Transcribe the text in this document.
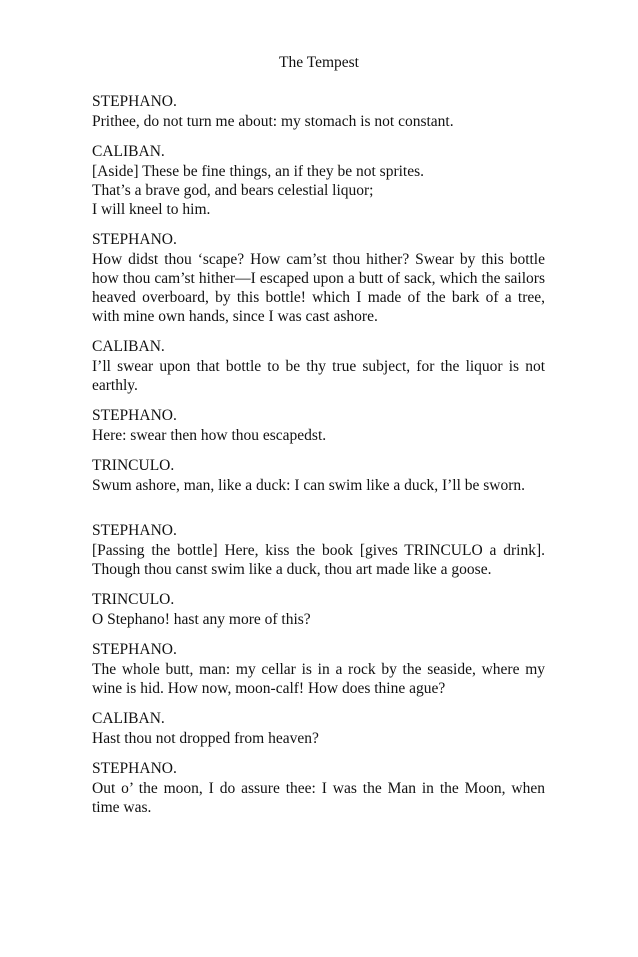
The Tempest
STEPHANO.
Prithee, do not turn me about: my stomach is not constant.
CALIBAN.
[Aside] These be fine things, an if they be not sprites.
That’s a brave god, and bears celestial liquor;
I will kneel to him.
STEPHANO.

How didst thou ‘scape? How cam’st thou hither? Swear by this bottle how thou cam’st hither—I escaped upon a butt of sack, which the sailors heaved overboard, by this bottle! which I made of the bark of a tree, with mine own hands, since I was cast ashore.

CALIBAN.

I’ll swear upon that bottle to be thy true subject, for the liquor is not earthly.

STEPHANO.
Here: swear then how thou escapedst.
TRINCULO.
Swum ashore, man, like a duck: I can swim like a duck, I’ll be sworn.
STEPHANO.

[Passing the bottle] Here, kiss the book [gives TRINCULO a drink]. Though thou canst swim like a duck, thou art made like a goose.

TRINCULO.
O Stephano! hast any more of this?
STEPHANO.

The whole butt, man: my cellar is in a rock by the seaside, where my wine is hid. How now, moon-calf! How does thine ague?

CALIBAN.
Hast thou not dropped from heaven?
STEPHANO.

Out o’ the moon, I do assure thee: I was the Man in the Moon, when time was.
